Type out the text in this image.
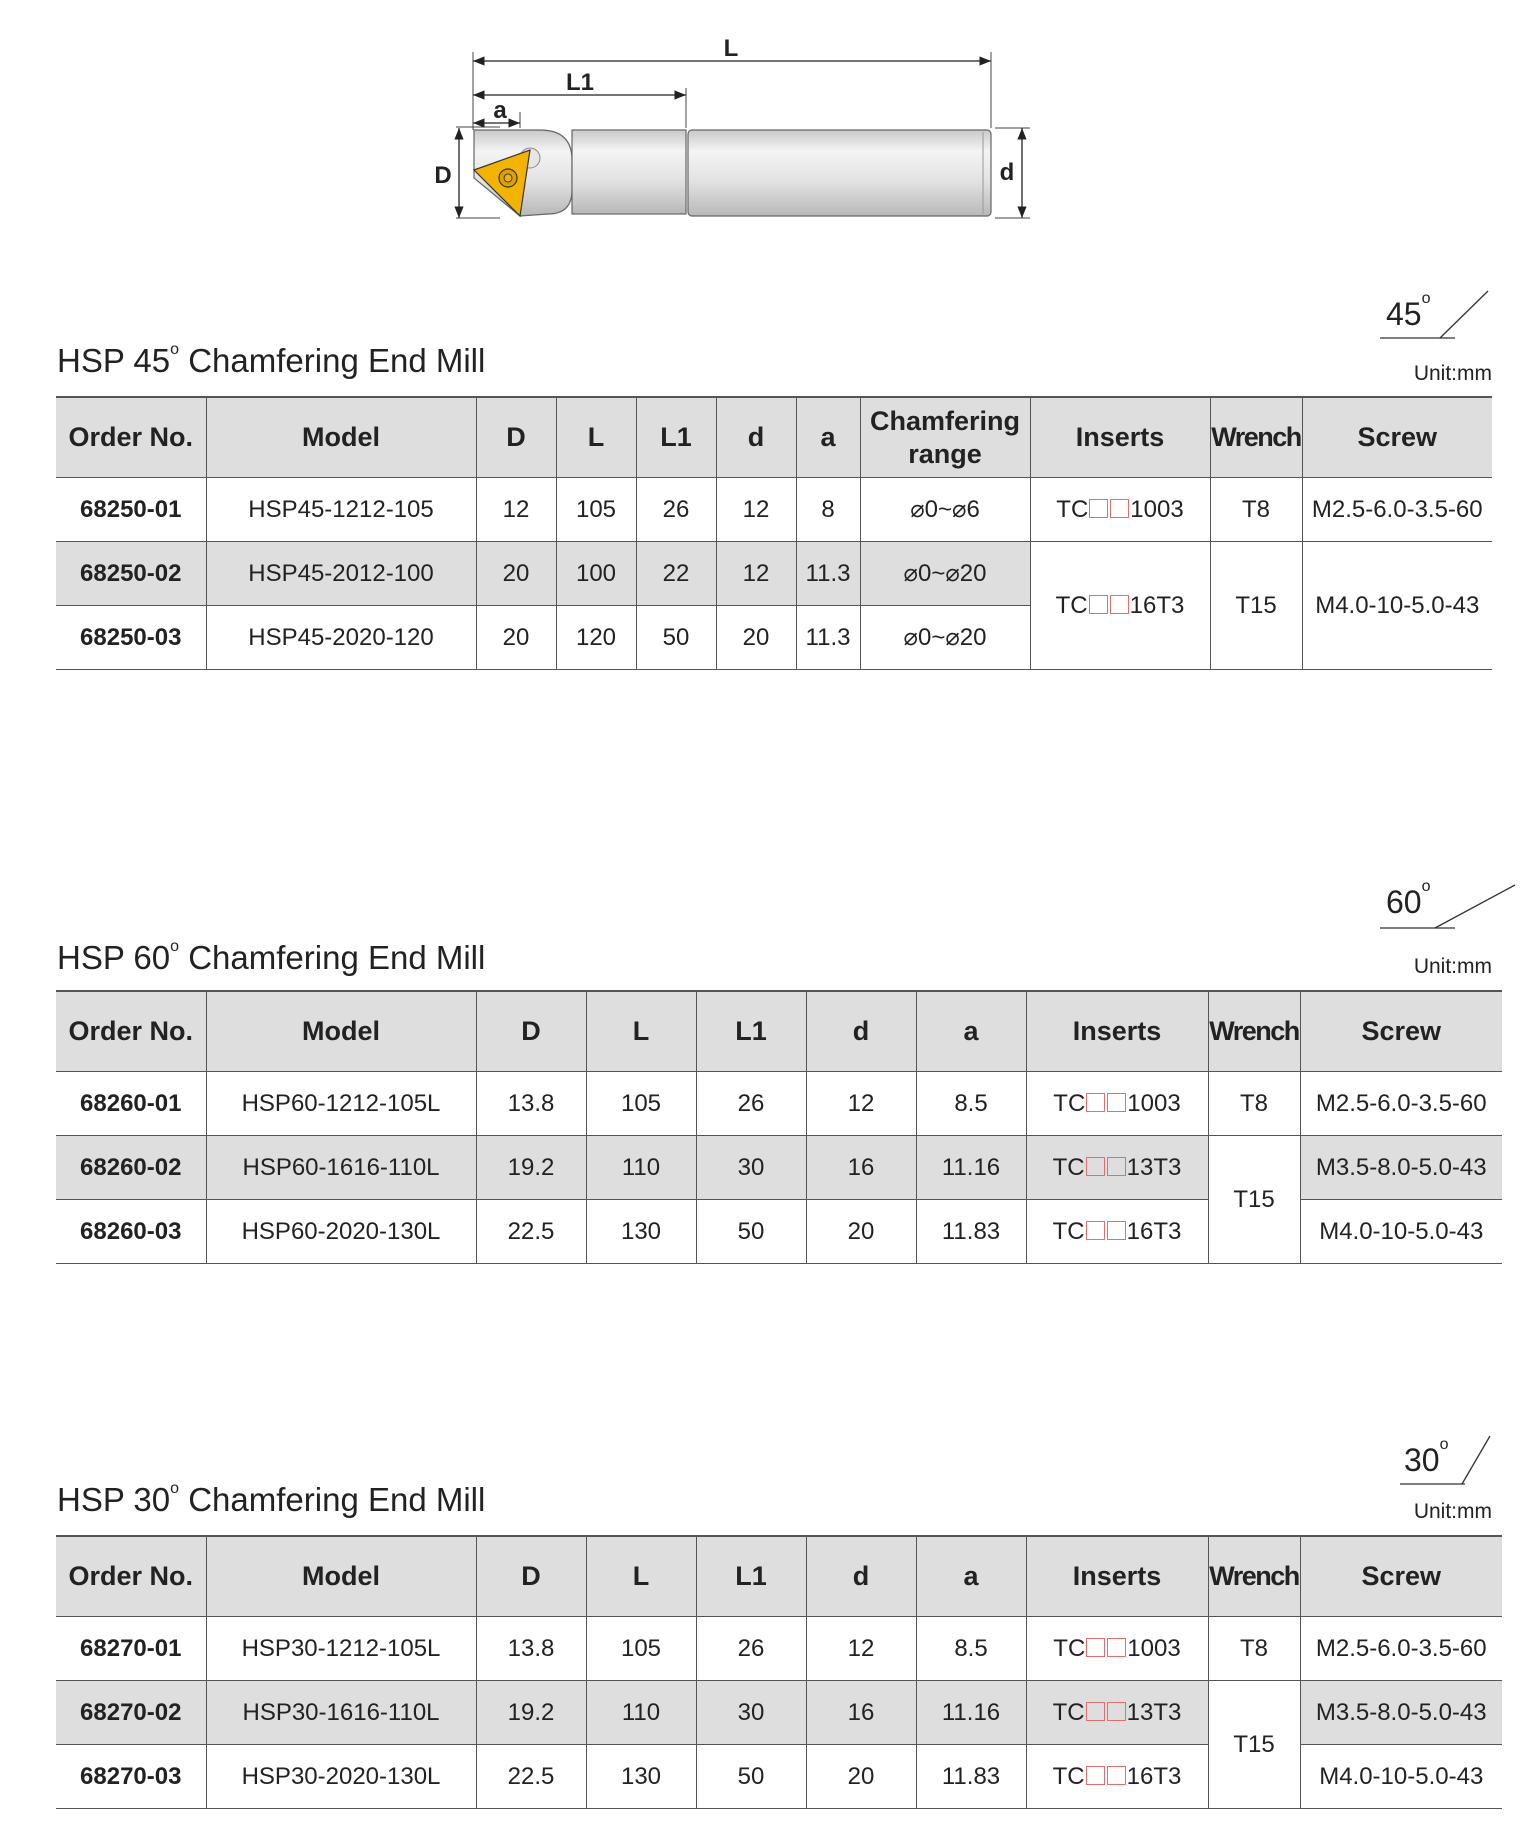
L
L1
a
D	d
45$^o$
HSP 45$^o$ Chamfering End Mill	Unit:mm
Order No.	Model	D	L	L1	d	a	Chamfering range	Inserts	Wrench	Screw
68250-01	HSP45-1212-105	12	105	26	12	8	⌀0~⌀6	TC 1003	T8	M2.5-6.0-3.5-60
68250-02	HSP45-2012-100	20	100	22	12	11.3	⌀0~⌀20	TC 16T3	T15	M4.0-10-5.0-43
68250-03	HSP45-2020-120	20	120	50	20	11.3	⌀0~⌀20			
60$^o$
HSP 60$^o$ Chamfering End Mill	Unit:mm
Order No.	Model	D	L	L1	d	a	Inserts	Wrench	Screw
68260-01	HSP60-1212-105L	13.8	105	26	12	8.5	TC 1003	T8	M2.5-6.0-3.5-60
68260-02	HSP60-1616-110L	19.2	110	30	16	11.16	TC 13T3	T15	M3.5-8.0-5.0-43
68260-03	HSP60-2020-130L	22.5	130	50	20	11.83	TC 16T3		M4.0-10-5.0-43
30$^o$
HSP 30$^o$ Chamfering End Mill	Unit:mm
Order No.	Model	D	L	L1	d	a	Inserts	Wrench	Screw
68270-01	HSP30-1212-105L	13.8	105	26	12	8.5	TC 1003	T8	M2.5-6.0-3.5-60
68270-02	HSP30-1616-110L	19.2	110	30	16	11.16	TC 13T3	T15	M3.5-8.0-5.0-43
68270-03	HSP30-2020-130L	22.5	130	50	20	11.83	TC 16T3		M4.0-10-5.0-43
